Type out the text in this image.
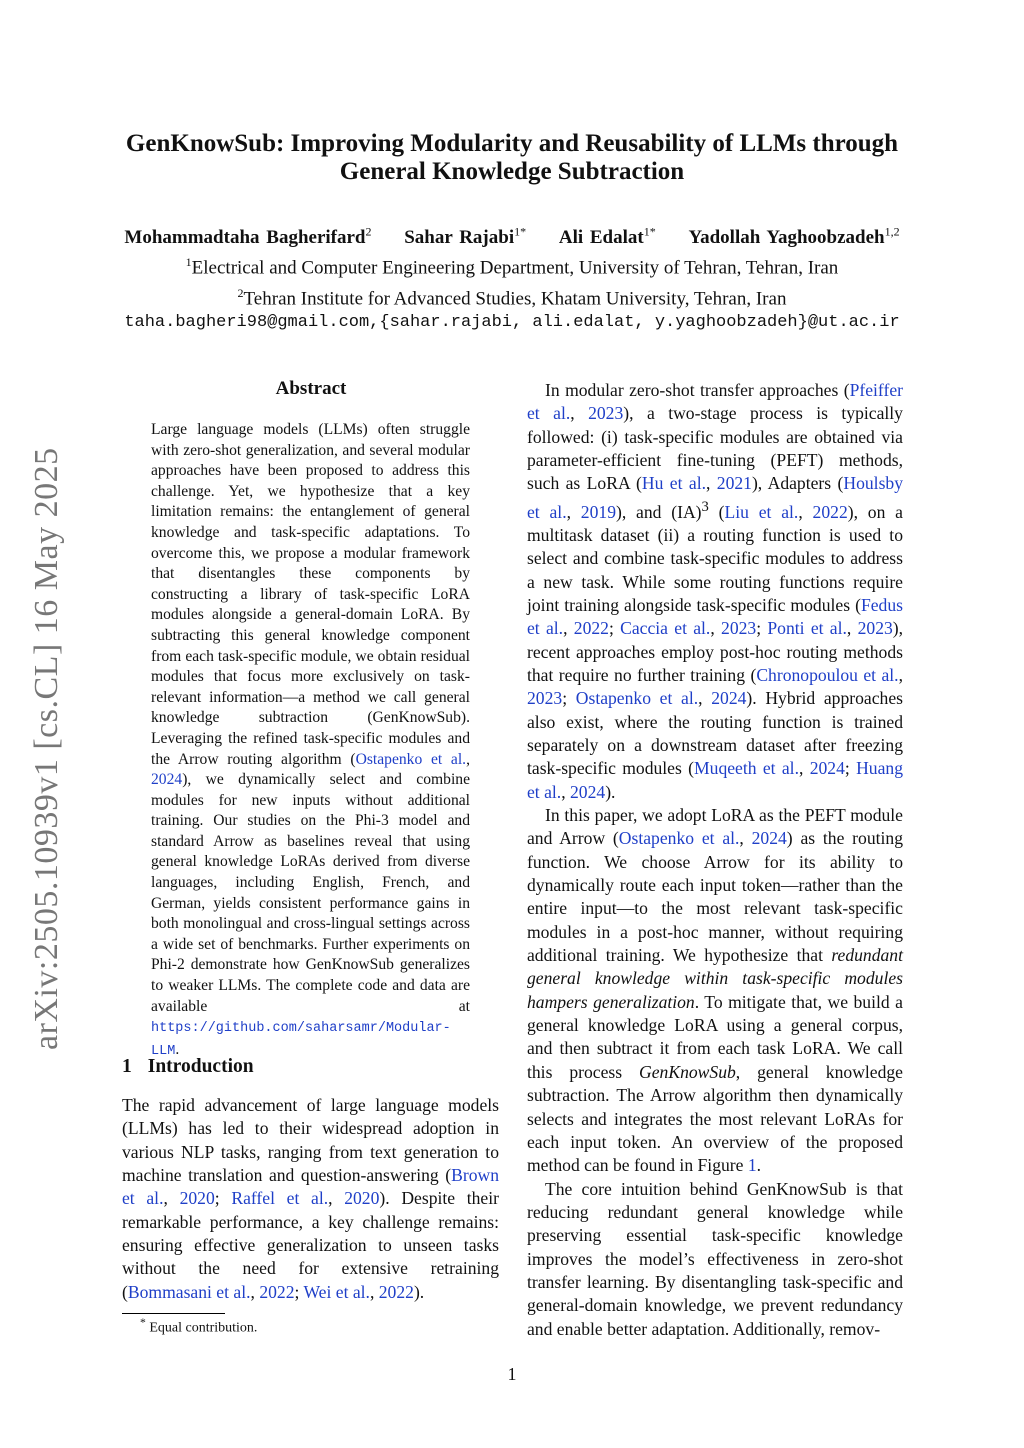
arXiv:2505.10939v1 [cs.CL] 16 May 2025
GenKnowSub: Improving Modularity and Reusability of LLMs through
General Knowledge Subtraction
Mohammadtaha Bagherifard$^2$ Sahar Rajabi$^{1*}$ Ali Edalat$^{1*}$ Yadollah Yaghoobzadeh$^{1,2}$
$^1$Electrical and Computer Engineering Department, University of Tehran, Tehran, Iran
$^2$Tehran Institute for Advanced Studies, Khatam University, Tehran, Iran
taha.bagheri98@gmail.com,{sahar.rajabi, ali.edalat, y.yaghoobzadeh}@ut.ac.ir
Abstract
Large language models (LLMs) often struggle with zero-shot generalization, and several modular approaches have been proposed to address this challenge. Yet, we hypothesize that a key limitation remains: the entanglement of general knowledge and task-specific adaptations. To overcome this, we propose a modular framework that disentangles these components by constructing a library of task-specific LoRA modules alongside a general-domain LoRA. By subtracting this general knowledge component from each task-specific module, we obtain residual modules that focus more exclusively on task-relevant information—a method we call general knowledge subtraction (GenKnowSub). Leveraging the refined task-specific modules and the Arrow routing algorithm (Ostapenko et al., 2024), we dynamically select and combine modules for new inputs without additional training. Our studies on the Phi-3 model and standard Arrow as baselines reveal that using general knowledge LoRAs derived from diverse languages, including English, French, and German, yields consistent performance gains in both monolingual and cross-lingual settings across a wide set of benchmarks. Further experiments on Phi-2 demonstrate how GenKnowSub generalizes to weaker LLMs. The complete code and data are available at https://github.com/saharsamr/Modular-LLM.

The rapid advancement of large language models (LLMs) has led to their widespread adoption in various NLP tasks, ranging from text generation to machine translation and question-answering (Brown et al., 2020; Raffel et al., 2020). Despite their remarkable performance, a key challenge remains: ensuring effective generalization to unseen tasks without the need for extensive retraining (Bommasani et al., 2022; Wei et al., 2022).

In modular zero-shot transfer approaches (Pfeiffer et al., 2023), a two-stage process is typically followed: (i) task-specific modules are obtained via parameter-efficient fine-tuning (PEFT) methods, such as LoRA (Hu et al., 2021), Adapters (Houlsby et al., 2019), and (IA)$^3$ (Liu et al., 2022), on a multitask dataset (ii) a routing function is used to select and combine task-specific modules to address a new task. While some routing functions require joint training alongside task-specific modules (Fedus et al., 2022; Caccia et al., 2023; Ponti et al., 2023), recent approaches employ post-hoc routing methods that require no further training (Chronopoulou et al., 2023; Ostapenko et al., 2024). Hybrid approaches also exist, where the routing function is trained separately on a downstream dataset after freezing task-specific modules (Muqeeth et al., 2024; Huang et al., 2024).

In this paper, we adopt LoRA as the PEFT module and Arrow (Ostapenko et al., 2024) as the routing function. We choose Arrow for its ability to dynamically route each input token—rather than the entire input—to the most relevant task-specific modules in a post-hoc manner, without requiring additional training. We hypothesize that redundant general knowledge within task-specific modules hampers generalization. To mitigate that, we build a general knowledge LoRA using a general corpus, and then subtract it from each task LoRA. We call this process GenKnowSub, general knowledge subtraction. The Arrow algorithm then dynamically selects and integrates the most relevant LoRAs for each input token. An overview of the proposed method can be found in Figure 1.

The core intuition behind GenKnowSub is that reducing redundant general knowledge while preserving essential task-specific knowledge improves the model’s effectiveness in zero-shot transfer learning. By disentangling task-specific and general-domain knowledge, we prevent redundancy and enable better adaptation. Additionally, remov-

1 Introduction
* Equal contribution.
1
